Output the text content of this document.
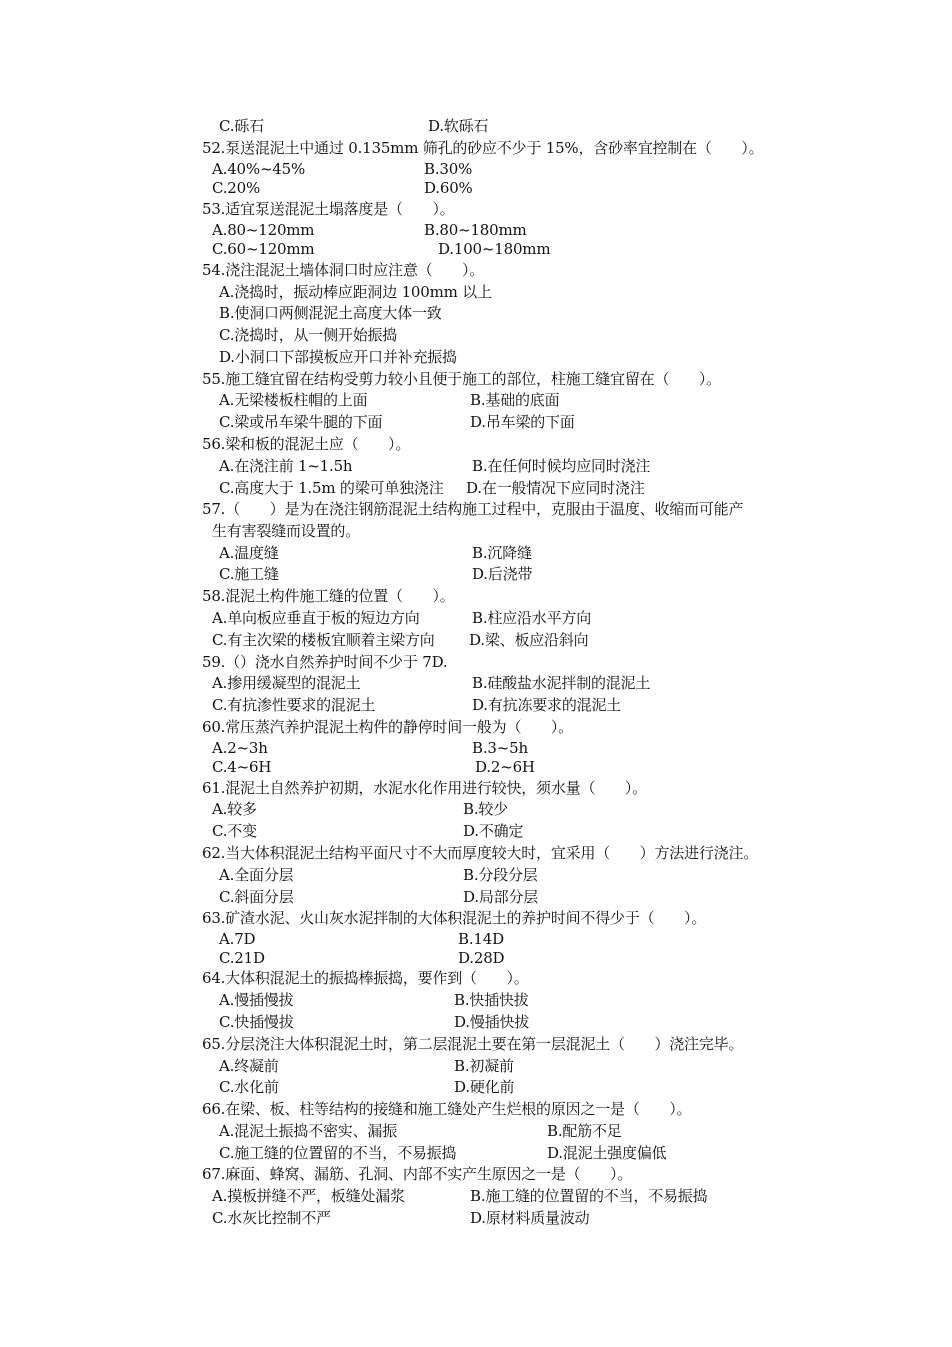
C.砾石	D.软砾石
52.泵送混泥土中通过 0.135mm 筛孔的砂应不少于 15%，含砂率宜控制在（　　）。
A.40%~45%	B.30%
C.20%	D.60%
53.适宜泵送混泥土塌落度是（　　）。
A.80~120mm	B.80~180mm
C.60~120mm	D.100~180mm
54.浇注混泥土墙体洞口时应注意（　　）。
A.浇捣时，振动棒应距洞边 100mm 以上
B.使洞口两侧混泥土高度大体一致
C.浇捣时，从一侧开始振捣
D.小洞口下部摸板应开口并补充振捣
55.施工缝宜留在结构受剪力较小且便于施工的部位，柱施工缝宜留在（　　）。
A.无梁楼板柱帽的上面	B.基础的底面
C.梁或吊车梁牛腿的下面	D.吊车梁的下面
56.梁和板的混泥土应（　　）。
A.在浇注前 1~1.5h	B.在任何时候均应同时浇注
C.高度大于 1.5m 的梁可单独浇注 D.在一般情况下应同时浇注
57.（　　）是为在浇注钢筋混泥土结构施工过程中，克服由于温度、收缩而可能产
生有害裂缝而设置的。
A.温度缝	B.沉降缝
C.施工缝	D.后浇带
58.混泥土构件施工缝的位置（　　）。
A.单向板应垂直于板的短边方向	B.柱应沿水平方向
C.有主次梁的楼板宜顺着主梁方向 D.梁、板应沿斜向
59.（）浇水自然养护时间不少于 7D.
A.掺用缓凝型的混泥土	B.硅酸盐水泥拌制的混泥土
C.有抗渗性要求的混泥土	D.有抗冻要求的混泥土
60.常压蒸汽养护混泥土构件的静停时间一般为（　　）。
A.2~3h	B.3~5h
C.4~6H	D.2~6H
61.混泥土自然养护初期，水泥水化作用进行较快，须水量（　　）。
A.较多	B.较少
C.不变	D.不确定
62.当大体积混泥土结构平面尺寸不大而厚度较大时，宜采用（　　）方法进行浇注。
A.全面分层	B.分段分层
C.斜面分层	D.局部分层
63.矿渣水泥、火山灰水泥拌制的大体积混泥土的养护时间不得少于（　　）。
A.7D	B.14D
C.21D	D.28D
64.大体积混泥土的振捣棒振捣，要作到（　　）。
A.慢插慢拔	B.快插快拔
C.快插慢拔	D.慢插快拔
65.分层浇注大体积混泥土时，第二层混泥土要在第一层混泥土（　　）浇注完毕。
A.终凝前	B.初凝前
C.水化前	D.硬化前
66.在梁、板、柱等结构的接缝和施工缝处产生烂根的原因之一是（　　）。
A.混泥土振捣不密实、漏振	B.配筋不足
C.施工缝的位置留的不当，不易振捣	D.混泥土强度偏低
67.麻面、蜂窝、漏筋、孔洞、内部不实产生原因之一是（　　）。
A.摸板拼缝不严，板缝处漏浆	B.施工缝的位置留的不当，不易振捣
C.水灰比控制不严	D.原材料质量波动
